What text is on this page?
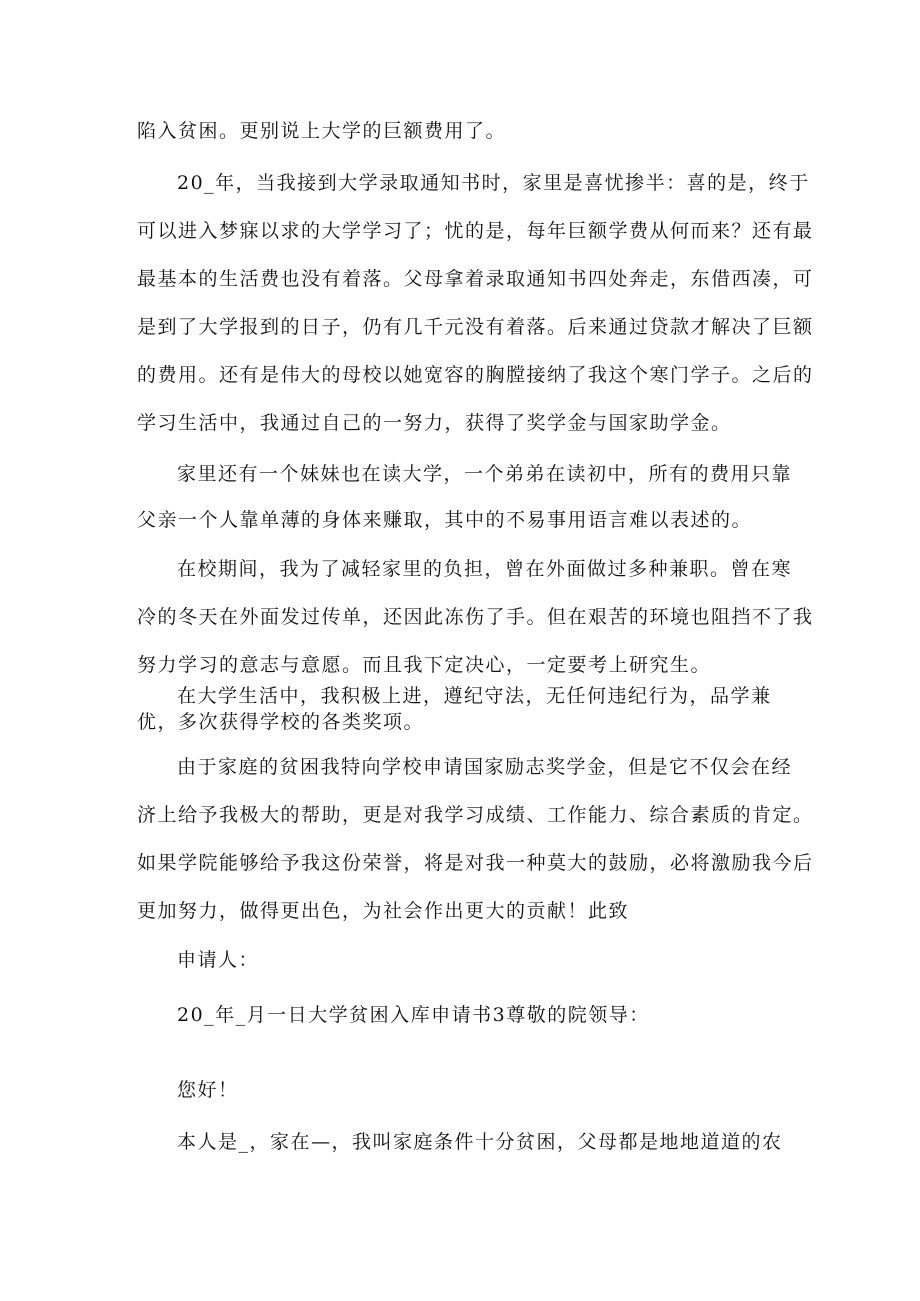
陷入贫困。更别说上大学的巨额费用了。
20_年，当我接到大学录取通知书时，家里是喜忧掺半：喜的是，终于
可以进入梦寐以求的大学学习了；忧的是，每年巨额学费从何而来？还有最
最基本的生活费也没有着落。父母拿着录取通知书四处奔走，东借西凑，可
是到了大学报到的日子，仍有几千元没有着落。后来通过贷款才解决了巨额
的费用。还有是伟大的母校以她宽容的胸膛接纳了我这个寒门学子。之后的
学习生活中，我通过自己的一努力，获得了奖学金与国家助学金。
家里还有一个妹妹也在读大学，一个弟弟在读初中，所有的费用只靠
父亲一个人靠单薄的身体来赚取，其中的不易事用语言难以表述的。
在校期间，我为了减轻家里的负担，曾在外面做过多种兼职。曾在寒
冷的冬天在外面发过传单，还因此冻伤了手。但在艰苦的环境也阻挡不了我
努力学习的意志与意愿。而且我下定决心，一定要考上研究生。
在大学生活中，我积极上进，遵纪守法，无任何违纪行为，品学兼
优，多次获得学校的各类奖项。
由于家庭的贫困我特向学校申请国家励志奖学金，但是它不仅会在经
济上给予我极大的帮助，更是对我学习成绩、工作能力、综合素质的肯定。
如果学院能够给予我这份荣誉，将是对我一种莫大的鼓励，必将激励我今后
更加努力，做得更出色，为社会作出更大的贡献！此致
申请人：
20_年_月一日大学贫困入库申请书3尊敬的院领导：
您好！
本人是_，家在—，我叫家庭条件十分贫困，父母都是地地道道的农
